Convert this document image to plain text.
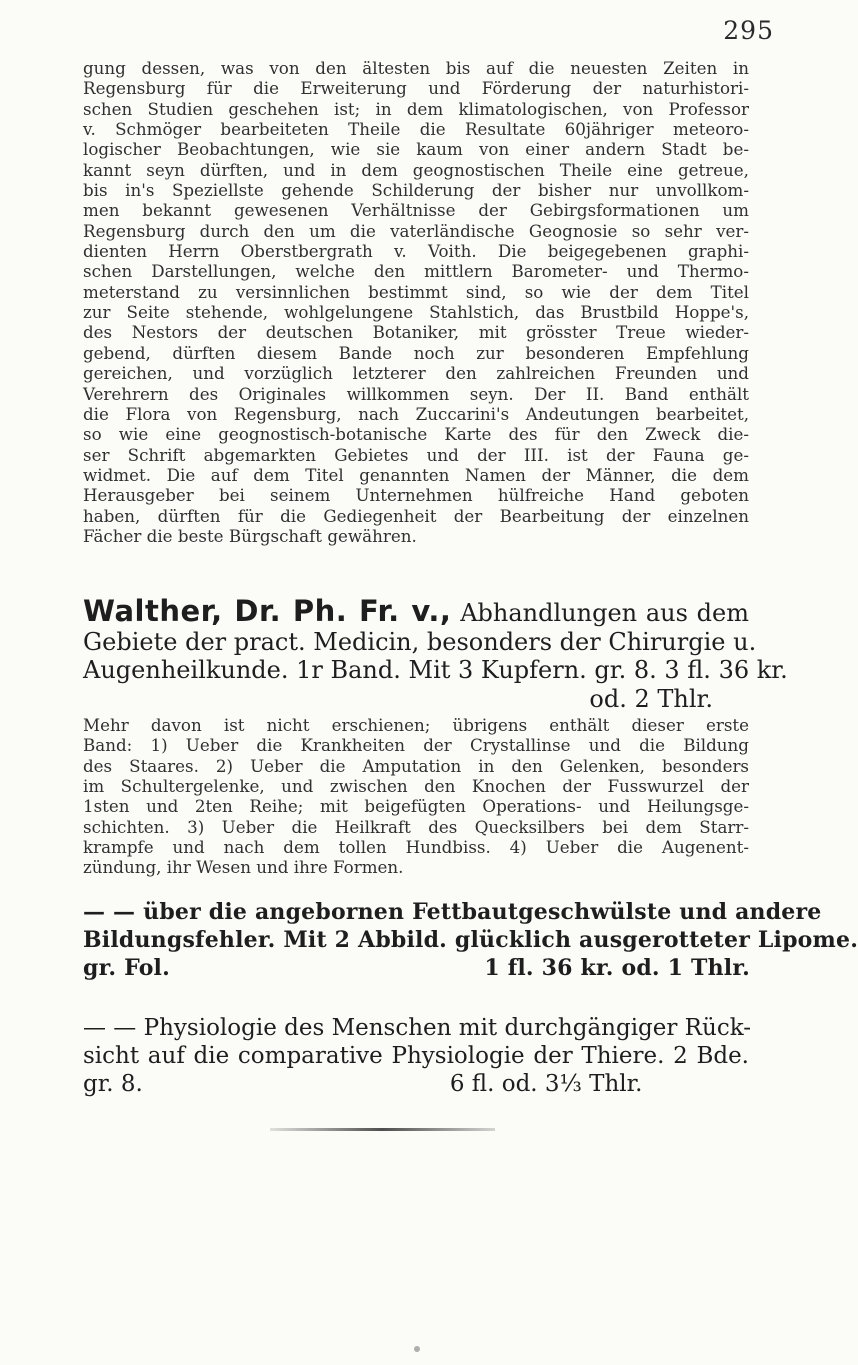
295
gung dessen, was von den ältesten bis auf die neuesten Zeiten in
Regensburg für die Erweiterung und Förderung der naturhistori-
schen Studien geschehen ist; in dem klimatologischen, von Professor
v. Schmöger bearbeiteten Theile die Resultate 60jähriger meteoro-
logischer Beobachtungen, wie sie kaum von einer andern Stadt be-
kannt seyn dürften, und in dem geognostischen Theile eine getreue,
bis in's Speziellste gehende Schilderung der bisher nur unvollkom-
men bekannt gewesenen Verhältnisse der Gebirgsformationen um
Regensburg durch den um die vaterländische Geognosie so sehr ver-
dienten Herrn Oberstbergrath v. Voith. Die beigegebenen graphi-
schen Darstellungen, welche den mittlern Barometer- und Thermo-
meterstand zu versinnlichen bestimmt sind, so wie der dem Titel
zur Seite stehende, wohlgelungene Stahlstich, das Brustbild Hoppe's,
des Nestors der deutschen Botaniker, mit grösster Treue wieder-
gebend, dürften diesem Bande noch zur besonderen Empfehlung
gereichen, und vorzüglich letzterer den zahlreichen Freunden und
Verehrern des Originales willkommen seyn. Der II. Band enthält
die Flora von Regensburg, nach Zuccarini's Andeutungen bearbeitet,
so wie eine geognostisch-botanische Karte des für den Zweck die-
ser Schrift abgemarkten Gebietes und der III. ist der Fauna ge-
widmet. Die auf dem Titel genannten Namen der Männer, die dem
Herausgeber bei seinem Unternehmen hülfreiche Hand geboten
haben, dürften für die Gediegenheit der Bearbeitung der einzelnen
Fächer die beste Bürgschaft gewähren.
Walther, Dr. Ph. Fr. v., Abhandlungen aus dem
Gebiete der pract. Medicin, besonders der Chirurgie u.
Augenheilkunde. 1r Band. Mit 3 Kupfern. gr. 8. 3 fl. 36 kr.
od. 2 Thlr.
Mehr davon ist nicht erschienen; übrigens enthält dieser erste
Band: 1) Ueber die Krankheiten der Crystallinse und die Bildung
des Staares. 2) Ueber die Amputation in den Gelenken, besonders
im Schultergelenke, und zwischen den Knochen der Fusswurzel der
1sten und 2ten Reihe; mit beigefügten Operations- und Heilungsge-
schichten. 3) Ueber die Heilkraft des Quecksilbers bei dem Starr-
krampfe und nach dem tollen Hundbiss. 4) Ueber die Augenent-
zündung, ihr Wesen und ihre Formen.
— — über die angebornen Fettbautgeschwülste und andere
Bildungsfehler. Mit 2 Abbild. glücklich ausgerotteter Lipome.
gr. Fol.                                        1 fl. 36 kr. od. 1 Thlr.
— — Physiologie des Menschen mit durchgängiger Rück-
sicht auf die comparative Physiologie der Thiere. 2 Bde.
gr. 8.                                          6 fl. od. 3⅓ Thlr.
